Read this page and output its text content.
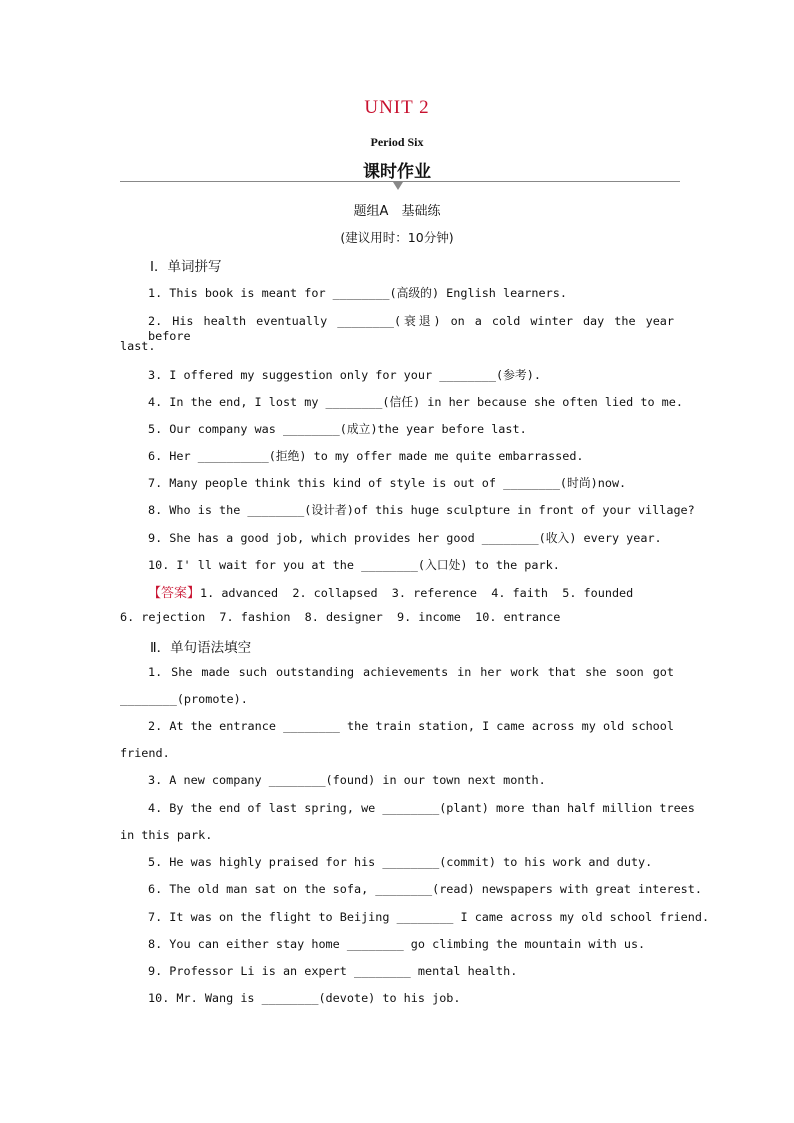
UNIT 2
Period Six
课时作业
题组A　基础练
(建议用时：10分钟)
Ⅰ．单词拼写
1. This book is meant for ________(高级的) English learners.
2. His health eventually ________(衰退) on a cold winter day the year before
last.
3. I offered my suggestion only for your ________(参考).
4. In the end, I lost my ________(信任) in her because she often lied to me.
5. Our company was ________(成立)the year before last.
6. Her __________(拒绝) to my offer made me quite embarrassed.
7. Many people think this kind of style is out of ________(时尚)now.
8. Who is the ________(设计者)of this huge sculpture in front of your village?
9. She has a good job, which provides her good ________(收入) every year.
10. I' ll wait for you at the ________(入口处) to the park.
【答案】1. advanced  2. collapsed  3. reference  4. faith  5. founded
6. rejection  7. fashion  8. designer  9. income  10. entrance
Ⅱ．单句语法填空
1. She made such outstanding achievements in her work that she soon got
________(promote).
2. At the entrance ________ the train station, I came across my old school
friend.
3. A new company ________(found) in our town next month.
4. By the end of last spring, we ________(plant) more than half million trees
in this park.
5. He was highly praised for his ________(commit) to his work and duty.
6. The old man sat on the sofa, ________(read) newspapers with great interest.
7. It was on the flight to Beijing ________ I came across my old school friend.
8. You can either stay home ________ go climbing the mountain with us.
9. Professor Li is an expert ________ mental health.
10. Mr. Wang is ________(devote) to his job.
